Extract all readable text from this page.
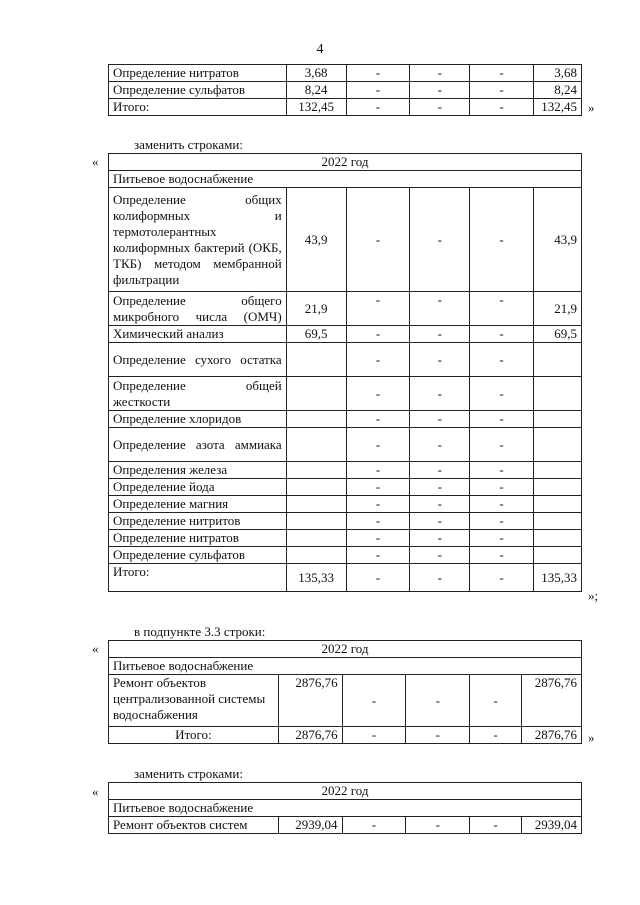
4
Определение нитратов	3,68	-	-	-	3,68
Определение сульфатов	8,24	-	-	-	8,24
Итого:	132,45	-	-	-	132,45 »
заменить строками:
«	2022 год					
Питьевое водоснабжение					
Определение общих колиформных и термотолерантных колиформных бактерий (ОКБ, ТКБ) методом мембранной фильтрации	43,9	-	-	-	43,9
Определение общего микробного числа (ОМЧ)	21,9	-	-	-	21,9
Химический анализ	69,5	-	-	-	69,5
Определение сухого остатка		-	-	-	
Определение общей жесткости		-	-	-	
Определение хлоридов		-	-	-	
Определение азота аммиака		-	-	-	
Определения железа		-	-	-	
Определение йода		-	-	-	
Определение магния		-	-	-	
Определение нитритов		-	-	-	
Определение нитратов		-	-	-	
Определение сульфатов		-	-	-	
Итого:	135,33	-	-	-	135,33
»;
в подпункте 3.3 строки:
«	2022 год					
Питьевое водоснабжение					
Ремонт объектов централизованной системы водоснабжения	2876,76	-	-	-	2876,76
Итого:	2876,76	-	-	-	2876,76 »
заменить строками:
«	2022 год
Питьевое водоснабжение
Ремонт объектов систем	2939,04	-	-	-	2939,04
